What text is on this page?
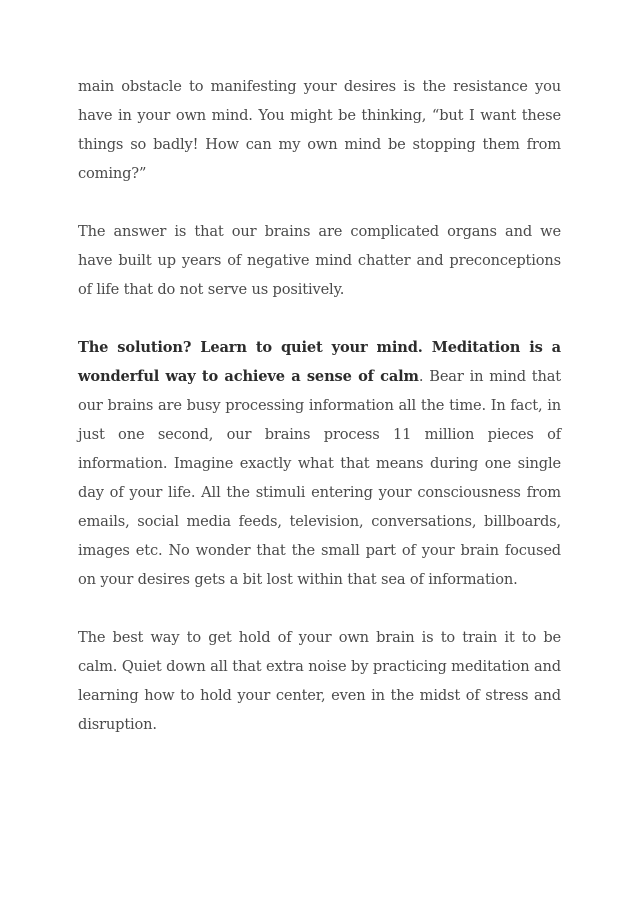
main obstacle to manifesting your desires is the resistance you have in your own mind. You might be thinking, “but I want these things so badly! How can my own mind be stopping them from coming?”

The answer is that our brains are complicated organs and we have built up years of negative mind chatter and preconceptions of life that do not serve us positively.

The solution? Learn to quiet your mind. Meditation is a wonderful way to achieve a sense of calm. Bear in mind that our brains are busy processing information all the time. In fact, in just one second, our brains process 11 million pieces of information. Imagine exactly what that means during one single day of your life. All the stimuli entering your consciousness from emails, social media feeds, television, conversations, billboards, images etc. No wonder that the small part of your brain focused on your desires gets a bit lost within that sea of information.

The best way to get hold of your own brain is to train it to be calm. Quiet down all that extra noise by practicing meditation and learning how to hold your center, even in the midst of stress and disruption.
